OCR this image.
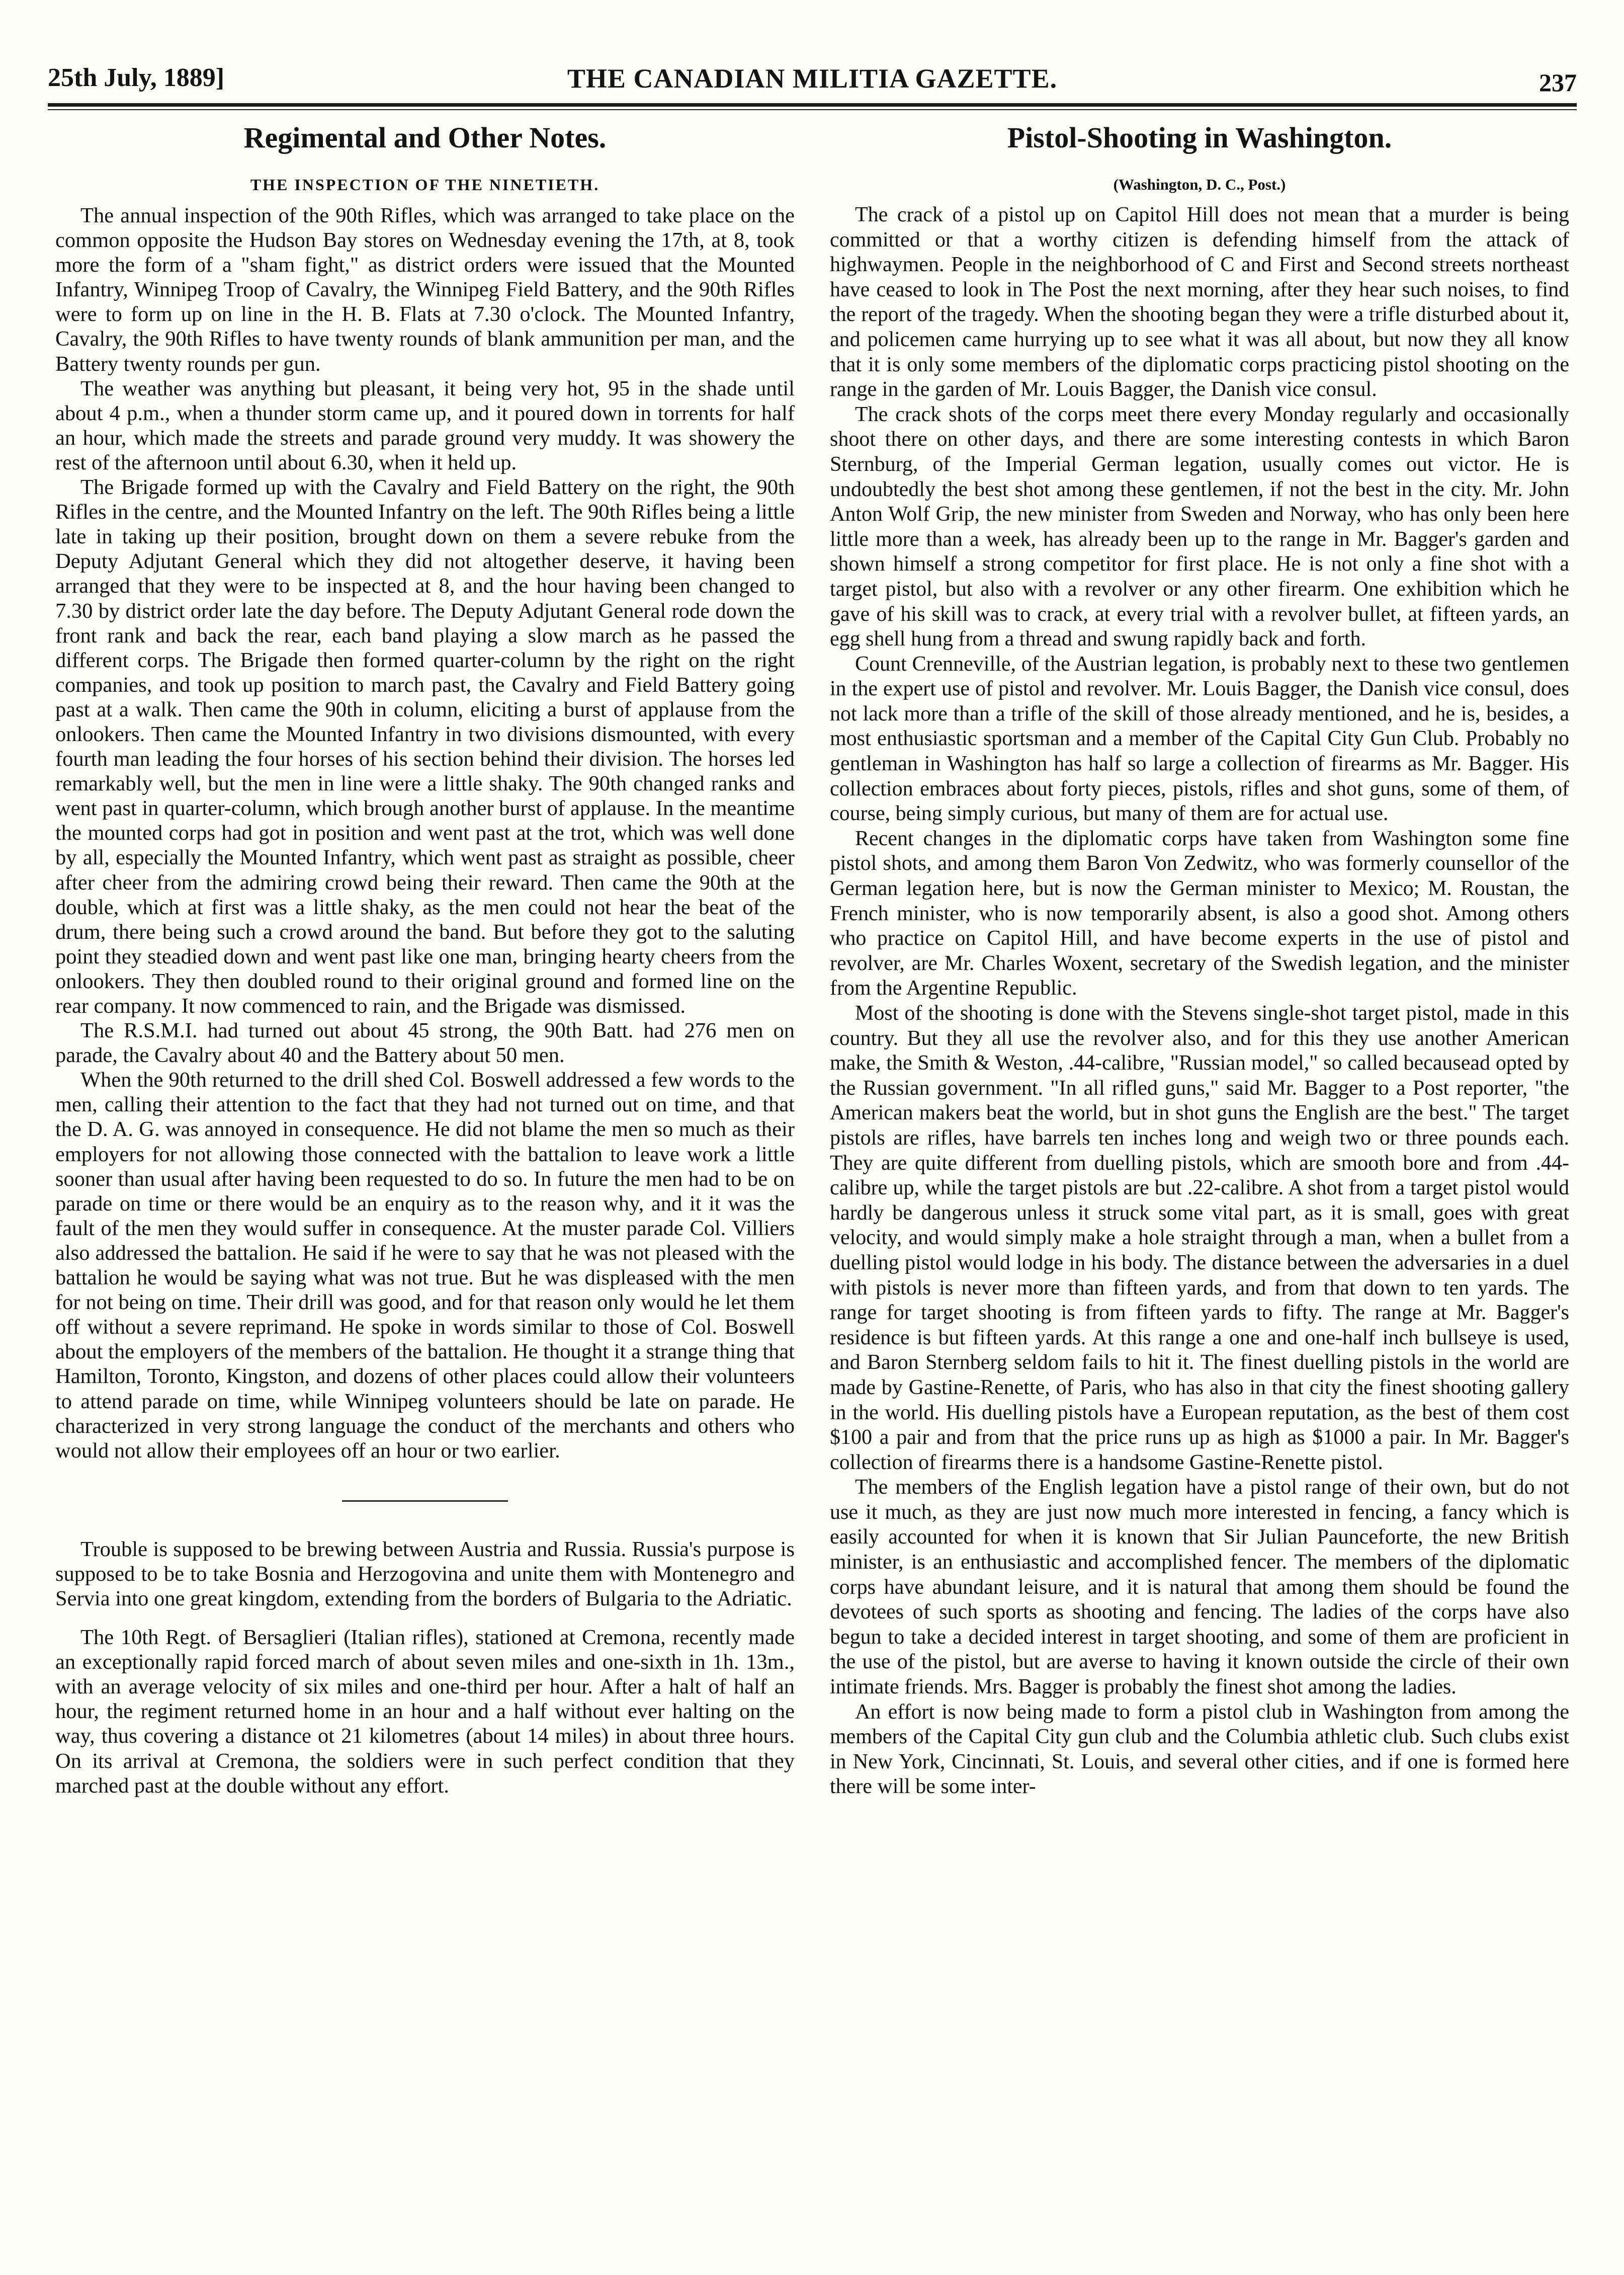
25th July, 1889]	THE CANADIAN MILITIA GAZETTE.	237
Regimental and Other Notes.
THE INSPECTION OF THE NINETIETH.

The annual inspection of the 90th Rifles, which was arranged to take place on the common opposite the Hudson Bay stores on Wednesday evening the 17th, at 8, took more the form of a "sham fight," as district orders were issued that the Mounted Infantry, Winnipeg Troop of Cavalry, the Winnipeg Field Battery, and the 90th Rifles were to form up on line in the H. B. Flats at 7.30 o'clock. The Mounted Infantry, Cavalry, the 90th Rifles to have twenty rounds of blank ammunition per man, and the Battery twenty rounds per gun.

The weather was anything but pleasant, it being very hot, 95 in the shade until about 4 p.m., when a thunder storm came up, and it poured down in torrents for half an hour, which made the streets and parade ground very muddy. It was showery the rest of the afternoon until about 6.30, when it held up.

The Brigade formed up with the Cavalry and Field Battery on the right, the 90th Rifles in the centre, and the Mounted Infantry on the left. The 90th Rifles being a little late in taking up their position, brought down on them a severe rebuke from the Deputy Adjutant General which they did not altogether deserve, it having been arranged that they were to be inspected at 8, and the hour having been changed to 7.30 by district order late the day before. The Deputy Adjutant General rode down the front rank and back the rear, each band playing a slow march as he passed the different corps. The Brigade then formed quarter-column by the right on the right companies, and took up position to march past, the Cavalry and Field Battery going past at a walk. Then came the 90th in column, eliciting a burst of applause from the onlookers. Then came the Mounted Infantry in two divisions dismounted, with every fourth man leading the four horses of his section behind their division. The horses led remarkably well, but the men in line were a little shaky. The 90th changed ranks and went past in quarter-column, which brough another burst of applause. In the meantime the mounted corps had got in position and went past at the trot, which was well done by all, especially the Mounted Infantry, which went past as straight as possible, cheer after cheer from the admiring crowd being their reward. Then came the 90th at the double, which at first was a little shaky, as the men could not hear the beat of the drum, there being such a crowd around the band. But before they got to the saluting point they steadied down and went past like one man, bringing hearty cheers from the onlookers. They then doubled round to their original ground and formed line on the rear company. It now commenced to rain, and the Brigade was dismissed.

The R.S.M.I. had turned out about 45 strong, the 90th Batt. had 276 men on parade, the Cavalry about 40 and the Battery about 50 men.

When the 90th returned to the drill shed Col. Boswell addressed a few words to the men, calling their attention to the fact that they had not turned out on time, and that the D. A. G. was annoyed in consequence. He did not blame the men so much as their employers for not allowing those connected with the battalion to leave work a little sooner than usual after having been requested to do so. In future the men had to be on parade on time or there would be an enquiry as to the reason why, and it it was the fault of the men they would suffer in consequence. At the muster parade Col. Villiers also addressed the battalion. He said if he were to say that he was not pleased with the battalion he would be saying what was not true. But he was displeased with the men for not being on time. Their drill was good, and for that reason only would he let them off without a severe reprimand. He spoke in words similar to those of Col. Boswell about the employers of the members of the battalion. He thought it a strange thing that Hamilton, Toronto, Kingston, and dozens of other places could allow their volunteers to attend parade on time, while Winnipeg volunteers should be late on parade. He characterized in very strong language the conduct of the merchants and others who would not allow their employees off an hour or two earlier.

Trouble is supposed to be brewing between Austria and Russia. Russia's purpose is supposed to be to take Bosnia and Herzogovina and unite them with Montenegro and Servia into one great kingdom, extending from the borders of Bulgaria to the Adriatic.

The 10th Regt. of Bersaglieri (Italian rifles), stationed at Cremona, recently made an exceptionally rapid forced march of about seven miles and one-sixth in 1h. 13m., with an average velocity of six miles and one-third per hour. After a halt of half an hour, the regiment returned home in an hour and a half without ever halting on the way, thus covering a distance ot 21 kilometres (about 14 miles) in about three hours. On its arrival at Cremona, the soldiers were in such perfect condition that they marched past at the double without any effort.

Pistol-Shooting in Washington.
(Washington, D. C., Post.)

The crack of a pistol up on Capitol Hill does not mean that a murder is being committed or that a worthy citizen is defending himself from the attack of highwaymen. People in the neighborhood of C and First and Second streets northeast have ceased to look in The Post the next morning, after they hear such noises, to find the report of the tragedy. When the shooting began they were a trifle disturbed about it, and policemen came hurrying up to see what it was all about, but now they all know that it is only some members of the diplomatic corps practicing pistol shooting on the range in the garden of Mr. Louis Bagger, the Danish vice consul.

The crack shots of the corps meet there every Monday regularly and occasionally shoot there on other days, and there are some interesting contests in which Baron Sternburg, of the Imperial German legation, usually comes out victor. He is undoubtedly the best shot among these gentlemen, if not the best in the city. Mr. John Anton Wolf Grip, the new minister from Sweden and Norway, who has only been here little more than a week, has already been up to the range in Mr. Bagger's garden and shown himself a strong competitor for first place. He is not only a fine shot with a target pistol, but also with a revolver or any other firearm. One exhibition which he gave of his skill was to crack, at every trial with a revolver bullet, at fifteen yards, an egg shell hung from a thread and swung rapidly back and forth.

Count Crenneville, of the Austrian legation, is probably next to these two gentlemen in the expert use of pistol and revolver. Mr. Louis Bagger, the Danish vice consul, does not lack more than a trifle of the skill of those already mentioned, and he is, besides, a most enthusiastic sportsman and a member of the Capital City Gun Club. Probably no gentleman in Washington has half so large a collection of firearms as Mr. Bagger. His collection embraces about forty pieces, pistols, rifles and shot guns, some of them, of course, being simply curious, but many of them are for actual use.

Recent changes in the diplomatic corps have taken from Washington some fine pistol shots, and among them Baron Von Zedwitz, who was formerly counsellor of the German legation here, but is now the German minister to Mexico; M. Roustan, the French minister, who is now temporarily absent, is also a good shot. Among others who practice on Capitol Hill, and have become experts in the use of pistol and revolver, are Mr. Charles Woxent, secretary of the Swedish legation, and the minister from the Argentine Republic.

Most of the shooting is done with the Stevens single-shot target pistol, made in this country. But they all use the revolver also, and for this they use another American make, the Smith & Weston, .44-calibre, "Russian model," so called becausead opted by the Russian government. "In all rifled guns," said Mr. Bagger to a Post reporter, "the American makers beat the world, but in shot guns the English are the best." The target pistols are rifles, have barrels ten inches long and weigh two or three pounds each. They are quite different from duelling pistols, which are smooth bore and from .44-calibre up, while the target pistols are but .22-calibre. A shot from a target pistol would hardly be dangerous unless it struck some vital part, as it is small, goes with great velocity, and would simply make a hole straight through a man, when a bullet from a duelling pistol would lodge in his body. The distance between the adversaries in a duel with pistols is never more than fifteen yards, and from that down to ten yards. The range for target shooting is from fifteen yards to fifty. The range at Mr. Bagger's residence is but fifteen yards. At this range a one and one-half inch bullseye is used, and Baron Sternberg seldom fails to hit it. The finest duelling pistols in the world are made by Gastine-Renette, of Paris, who has also in that city the finest shooting gallery in the world. His duelling pistols have a European reputation, as the best of them cost $100 a pair and from that the price runs up as high as $1000 a pair. In Mr. Bagger's collection of firearms there is a handsome Gastine-Renette pistol.

The members of the English legation have a pistol range of their own, but do not use it much, as they are just now much more interested in fencing, a fancy which is easily accounted for when it is known that Sir Julian Paunceforte, the new British minister, is an enthusiastic and accomplished fencer. The members of the diplomatic corps have abundant leisure, and it is natural that among them should be found the devotees of such sports as shooting and fencing. The ladies of the corps have also begun to take a decided interest in target shooting, and some of them are proficient in the use of the pistol, but are averse to having it known outside the circle of their own intimate friends. Mrs. Bagger is probably the finest shot among the ladies.

An effort is now being made to form a pistol club in Washington from among the members of the Capital City gun club and the Columbia athletic club. Such clubs exist in New York, Cincinnati, St. Louis, and several other cities, and if one is formed here there will be some inter-
